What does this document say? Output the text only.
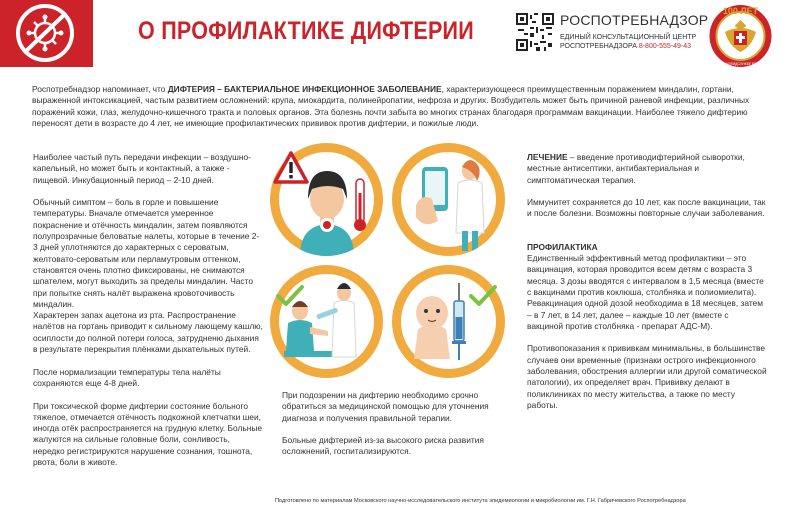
О ПРОФИЛАКТИКЕ ДИФТЕРИИ	РОСПОТРЕБНАДЗОР
ЕДИНЫЙ КОНСУЛЬТАЦИОННЫЙ ЦЕНТР
РОСПОТРЕБНАДЗОРА 8-800-555-49-43
100 ЛЕТ
ГОССАНЭПИДСЛУЖБЕ РОССИИ
Роспотребнадзор напоминает, что ДИФТЕРИЯ – БАКТЕРИАЛЬНОЕ ИНФЕКЦИОННОЕ ЗАБОЛЕВАНИЕ, характеризующееся преимущественным поражением миндалин, гортани, выраженной интоксикацией, частым развитием осложнений: крупа, миокардита, полинейропатии, нефроза и других. Возбудитель может быть причиной раневой инфекции, различных поражений кожи, глаз, желудочно-кишечного тракта и половых органов. Эта болезнь почти забыта во многих странах благодаря программам вакцинации. Наиболее тяжело дифтерию переносят дети в возрасте до 4 лет, не имеющие профилактических прививок против дифтерии, и пожилые люди.

Наиболее частый путь передачи инфекции – воздушно-капельный, но может быть и контактный, а также - пищевой. Инкубационный период – 2-10 дней.

Обычный симптом – боль в горле и повышение температуры. Вначале отмечается умеренное покраснение и отёчность миндалин, затем появляются полупрозрачные беловатые налеты, которые в течение 2-3 дней уплотняются до характерных с сероватым, желтовато-сероватым или перламутровым оттенком, становятся очень плотно фиксированы, не снимаются шпателем, могут выходить за пределы миндалин. Часто при попытке снять налёт выражена кровоточивость миндалин.
Характерен запах ацетона из рта. Распространение налётов на гортань приводит к сильному лающему кашлю, осиплости до полной потери голоса, затрудненю дыхания в результате перекрытия плёнками дыхательных путей.

После нормализации температуры тела налёты сохраняются еще 4-8 дней.

При токсической форме дифтерии состояние больного тяжелое, отмечается отёчность подкожной клетчатки шеи, иногда отёк распространяется на грудную клетку. Больные жалуются на сильные головные боли, сонливость, нередко регистрируются нарушение сознания, тошнота, рвота, боли в животе.

При подозрении на дифтерию необходимо срочно обратиться за медицинской помощью для уточнения диагноза и получения правильной терапии.

Больные дифтерией из-за высокого риска развития осложнений, госпитализируются.

ЛЕЧЕНИЕ – введение противодифтерийной сыворотки, местные антисептики, антибактериальная и симптоматическая терапия.

Иммунитет сохраняется до 10 лет, как после вакцинации, так и после болезни. Возможны повторные случаи заболевания.

ПРОФИЛАКТИКА

Единственный эффективный метод профилактики – это вакцинация, которая проводится всем детям с возраста 3 месяца. 3 дозы вводятся с интервалом в 1,5 месяца (вместе с вакцинами против коклюша, столбняка и полиомиелита). Ревакцинация одной дозой необходима в 18 месяцев, затем – в 7 лет, в 14 лет, далее – каждые 10 лет (вместе с вакциной против столбняка - препарат АДС-М).

Противопоказания к прививкам минимальны, в большинстве случаев они временные (признаки острого инфекционного заболевания, обострения аллергии или другой соматической патологии), их определяет врач. Прививку делают в поликлиниках по месту жительства, а также по месту работы.

Подготовлено по материалам Московского научно-исследовательского института эпидемиологии и микробиологии им. Г.Н. Габричевского Роспотребнадзора
